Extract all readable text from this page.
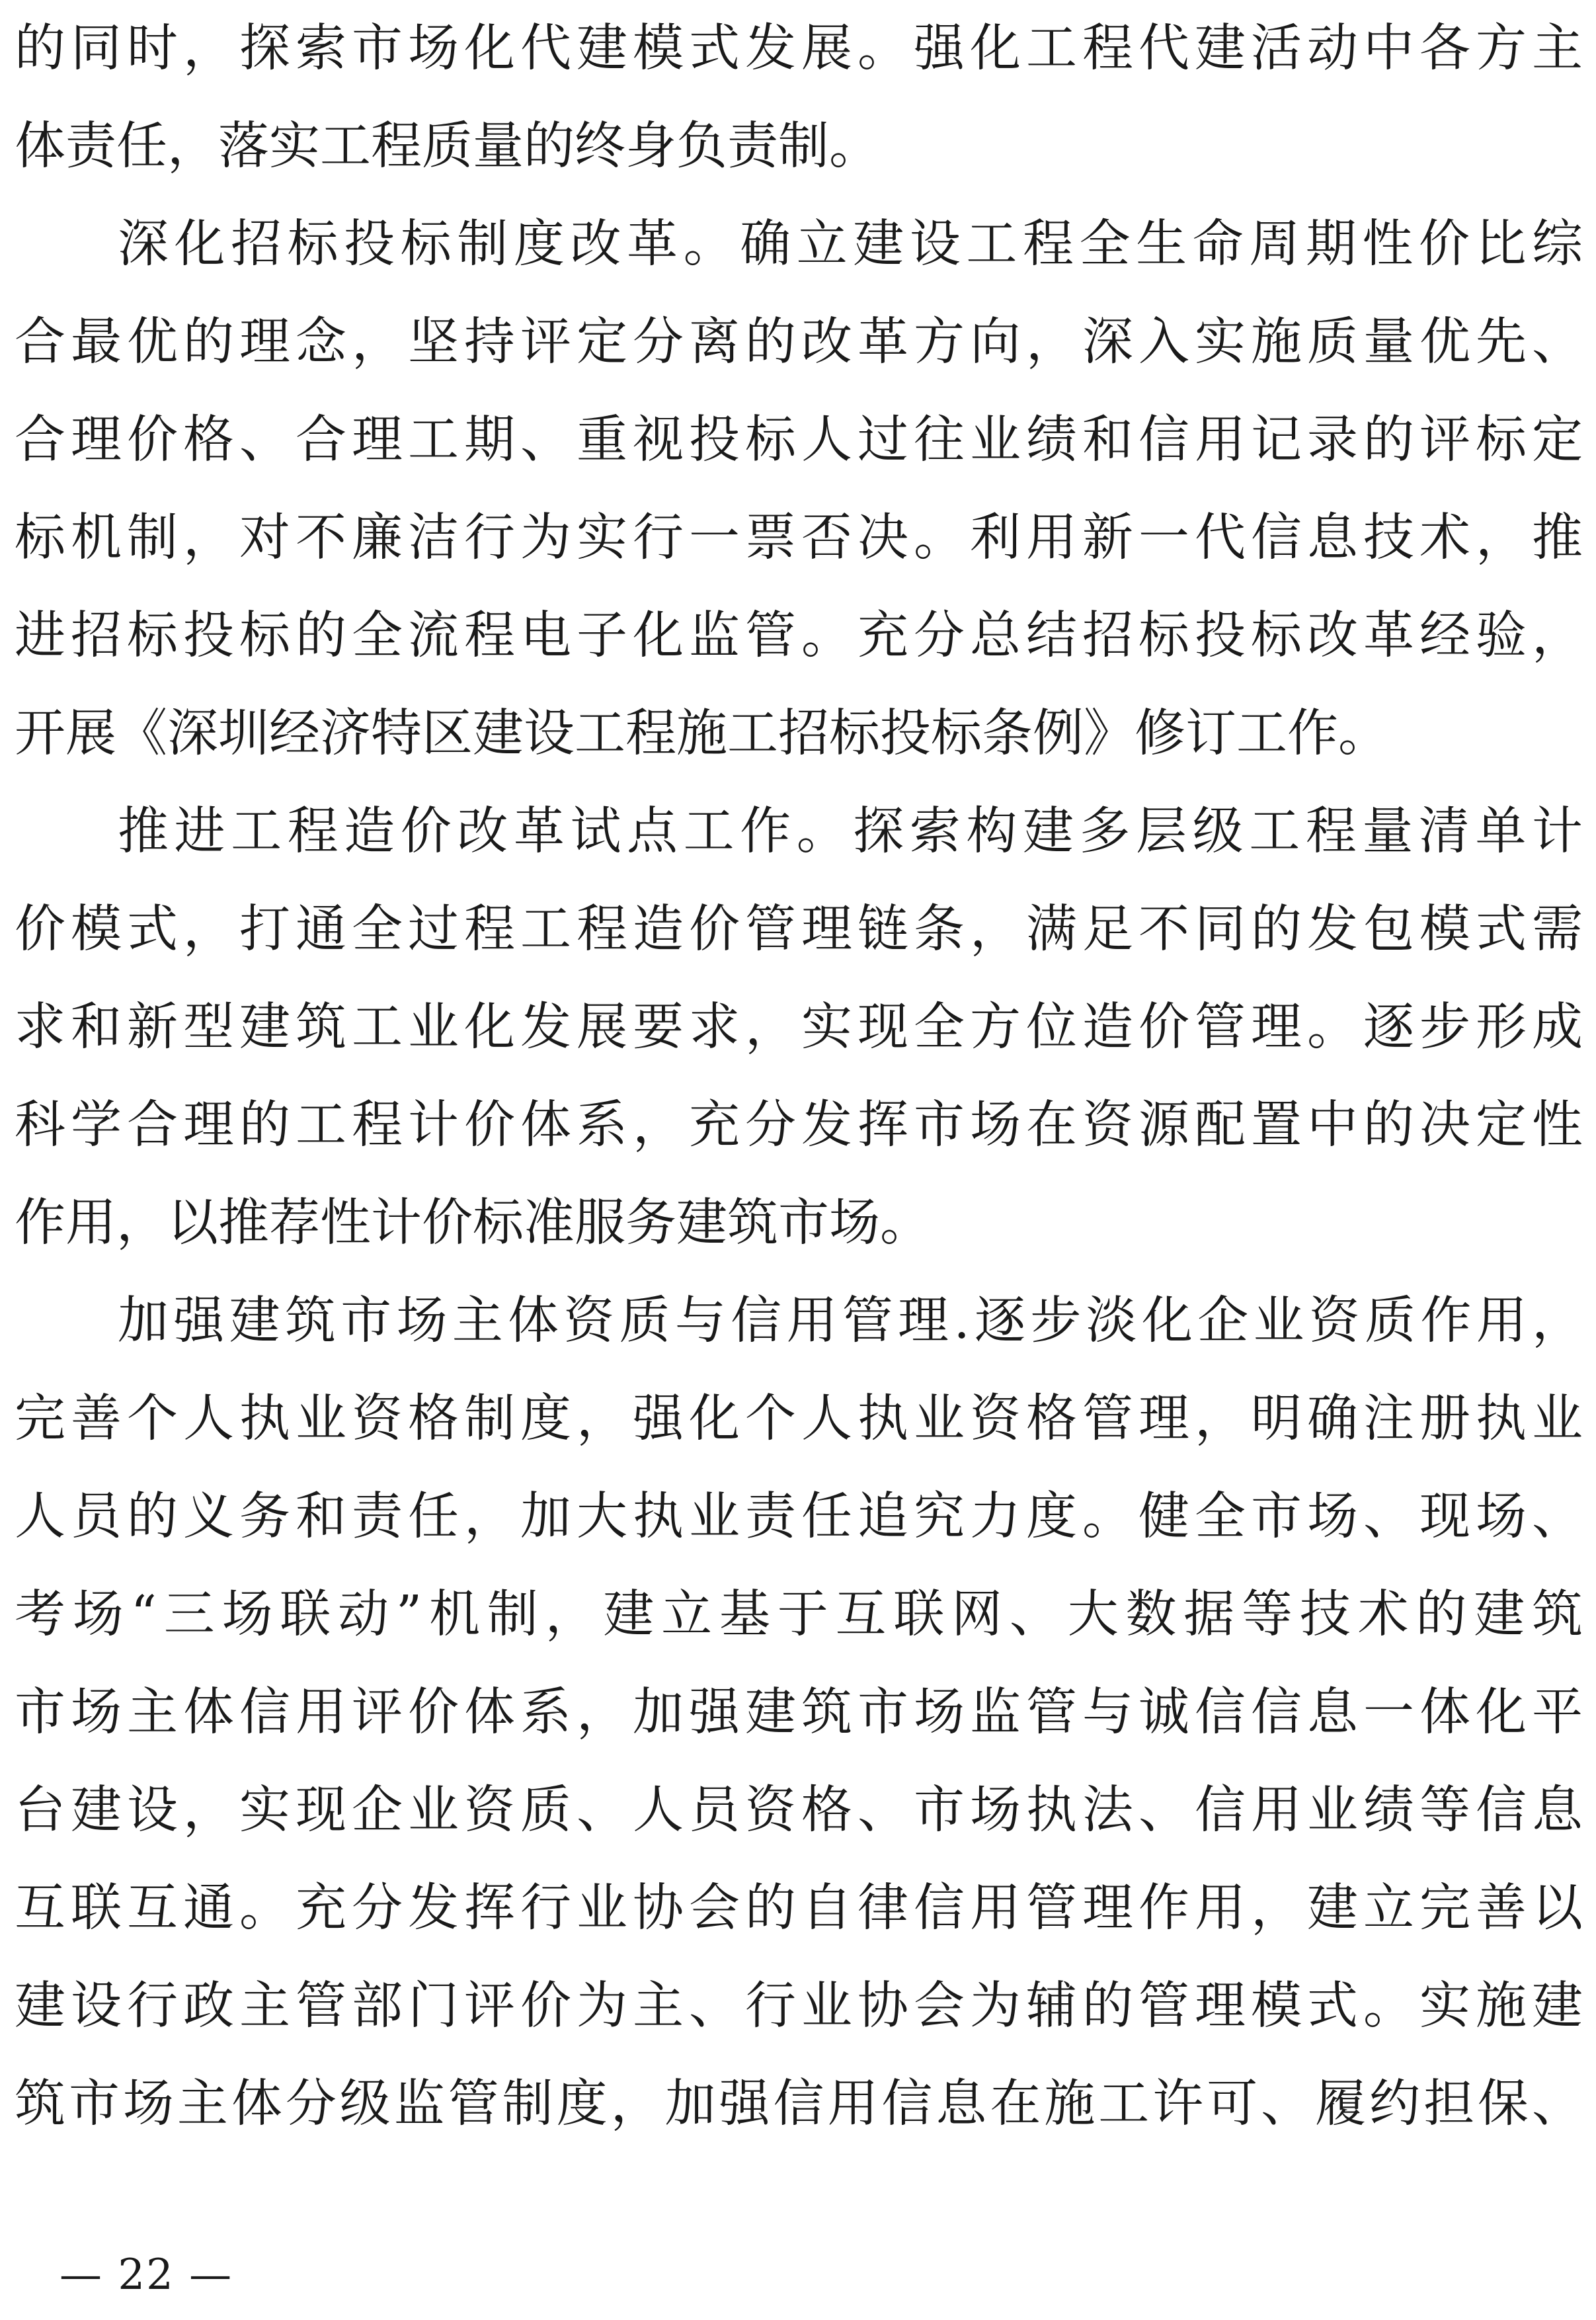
的同时，探索市场化代建模式发展。强化工程代建活动中各方主
体责任，落实工程质量的终身负责制。
深化招标投标制度改革。确立建设工程全生命周期性价比综
合最优的理念，坚持评定分离的改革方向，深入实施质量优先、
合理价格、合理工期、重视投标人过往业绩和信用记录的评标定
标机制，对不廉洁行为实行一票否决。利用新一代信息技术，推
进招标投标的全流程电子化监管。充分总结招标投标改革经验，
开展《深圳经济特区建设工程施工招标投标条例》修订工作。
推进工程造价改革试点工作。探索构建多层级工程量清单计
价模式，打通全过程工程造价管理链条，满足不同的发包模式需
求和新型建筑工业化发展要求，实现全方位造价管理。逐步形成
科学合理的工程计价体系，充分发挥市场在资源配置中的决定性
作用，以推荐性计价标准服务建筑市场。
加强建筑市场主体资质与信用管理.逐步淡化企业资质作用，
完善个人执业资格制度，强化个人执业资格管理，明确注册执业
人员的义务和责任，加大执业责任追究力度。健全市场、现场、
考场“三场联动”机制，建立基于互联网、大数据等技术的建筑
市场主体信用评价体系，加强建筑市场监管与诚信信息一体化平
台建设，实现企业资质、人员资格、市场执法、信用业绩等信息
互联互通。充分发挥行业协会的自律信用管理作用，建立完善以
建设行政主管部门评价为主、行业协会为辅的管理模式。实施建
筑市场主体分级监管制度，加强信用信息在施工许可、履约担保、
— 22 —
